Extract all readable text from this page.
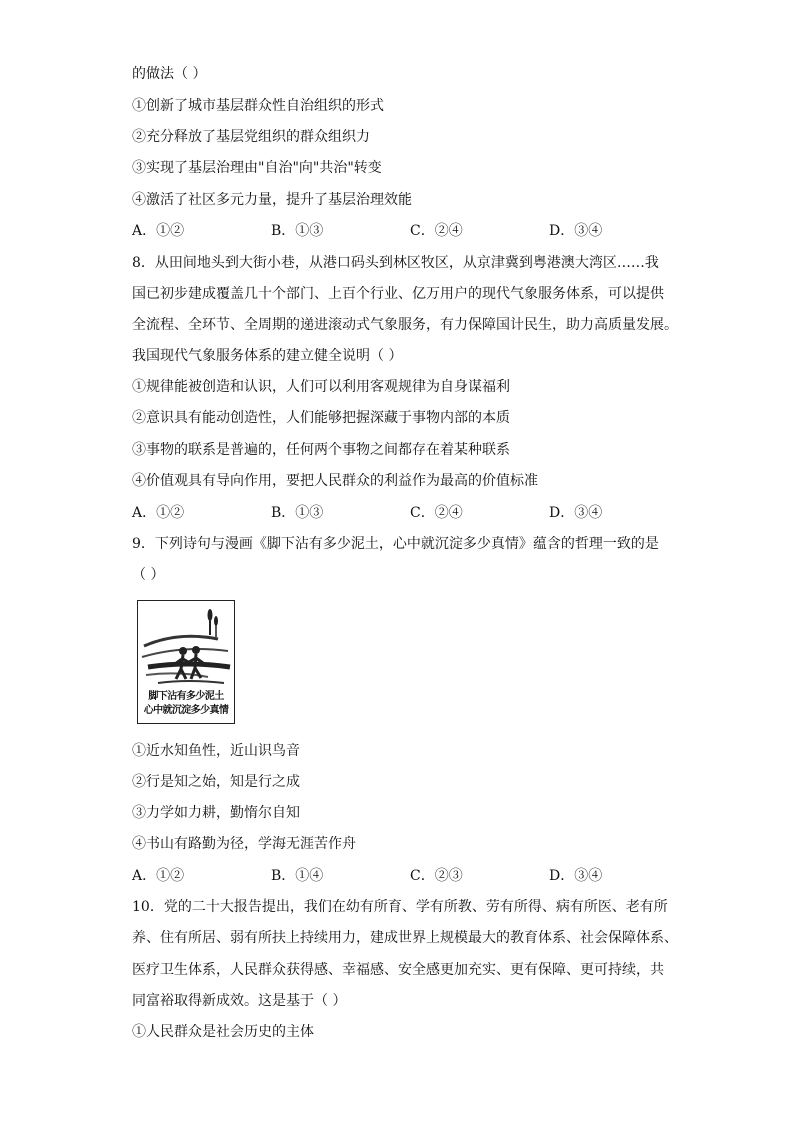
的做法（ ）
①创新了城市基层群众性自治组织的形式
②充分释放了基层党组织的群众组织力
③实现了基层治理由"自治"向"共治"转变
④激活了社区多元力量，提升了基层治理效能
A．①②	B．①③	C．②④	D．③④
8．从田间地头到大街小巷，从港口码头到林区牧区，从京津冀到粤港澳大湾区……我
国已初步建成覆盖几十个部门、上百个行业、亿万用户的现代气象服务体系，可以提供
全流程、全环节、全周期的递进滚动式气象服务，有力保障国计民生，助力高质量发展。
我国现代气象服务体系的建立健全说明（ ）
①规律能被创造和认识，人们可以利用客观规律为自身谋福利
②意识具有能动创造性，人们能够把握深藏于事物内部的本质
③事物的联系是普遍的，任何两个事物之间都存在着某种联系
④价值观具有导向作用，要把人民群众的利益作为最高的价值标准
A．①②	B．①③	C．②④	D．③④
9．下列诗句与漫画《脚下沾有多少泥土，心中就沉淀多少真情》蕴含的哲理一致的是
（ ）
脚下沾有多少泥土
心中就沉淀多少真情
①近水知鱼性，近山识鸟音
②行是知之始，知是行之成
③力学如力耕，勤惰尔自知
④书山有路勤为径，学海无涯苦作舟
A．①②	B．①④	C．②③	D．③④
10．党的二十大报告提出，我们在幼有所育、学有所教、劳有所得、病有所医、老有所
养、住有所居、弱有所扶上持续用力，建成世界上规模最大的教育体系、社会保障体系、
医疗卫生体系，人民群众获得感、幸福感、安全感更加充实、更有保障、更可持续，共
同富裕取得新成效。这是基于（ ）
①人民群众是社会历史的主体
